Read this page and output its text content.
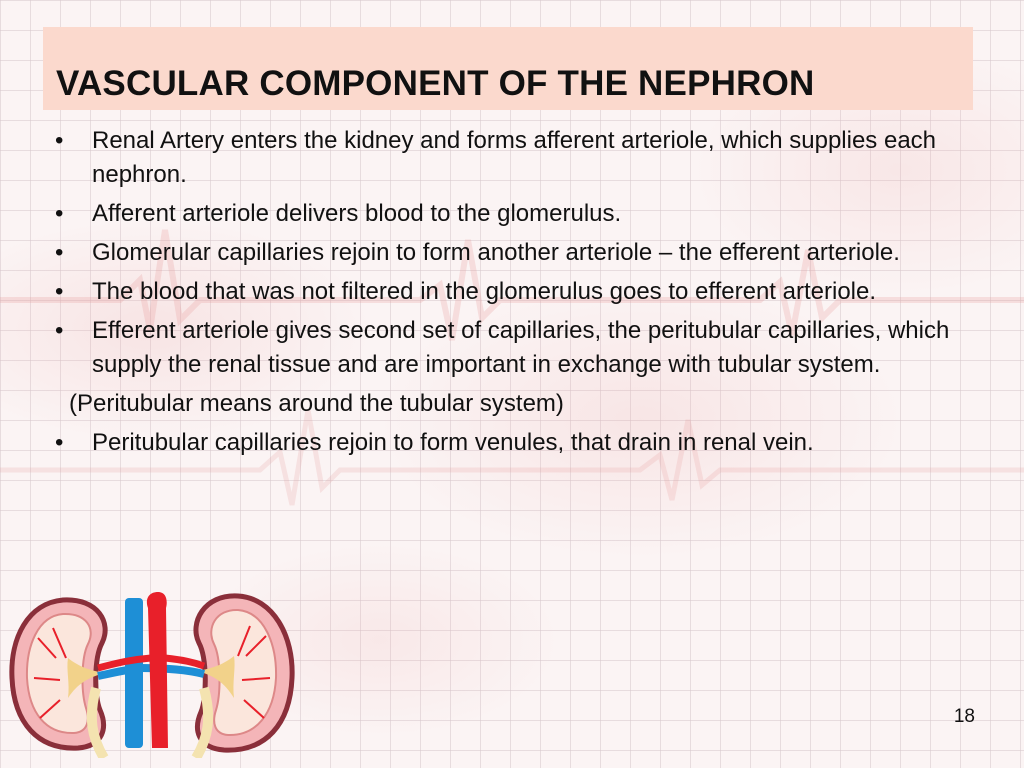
VASCULAR COMPONENT OF THE NEPHRON
• Renal Artery enters the kidney and forms afferent arteriole, which supplies each nephron.
• Afferent arteriole delivers blood to the glomerulus.
• Glomerular capillaries rejoin to form another arteriole – the efferent arteriole.
• The blood that was not filtered in the glomerulus goes to efferent arteriole.
• Efferent arteriole gives second set of capillaries, the peritubular capillaries, which supply the renal tissue and are important in exchange with tubular system.
(Peritubular means around the tubular system)
• Peritubular capillaries rejoin to form venules, that drain in renal vein.
18
